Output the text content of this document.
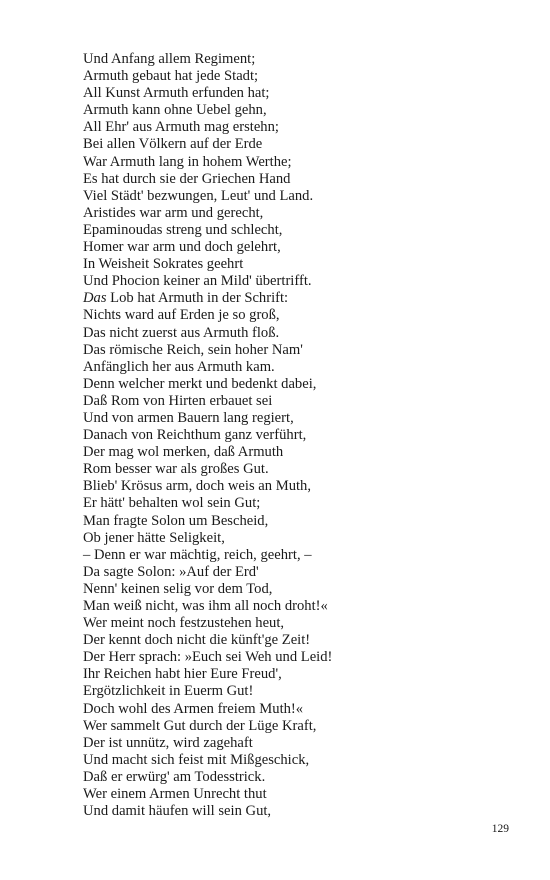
Und Anfang allem Regiment;
Armuth gebaut hat jede Stadt;
All Kunst Armuth erfunden hat;
Armuth kann ohne Uebel gehn,
All Ehr' aus Armuth mag erstehn;
Bei allen Völkern auf der Erde
War Armuth lang in hohem Werthe;
Es hat durch sie der Griechen Hand
Viel Städt' bezwungen, Leut' und Land.
Aristides war arm und gerecht,
Epaminoudas streng und schlecht,
Homer war arm und doch gelehrt,
In Weisheit Sokrates geehrt
Und Phocion keiner an Mild' übertrifft.
Das Lob hat Armuth in der Schrift:
Nichts ward auf Erden je so groß,
Das nicht zuerst aus Armuth floß.
Das römische Reich, sein hoher Nam'
Anfänglich her aus Armuth kam.
Denn welcher merkt und bedenkt dabei,
Daß Rom von Hirten erbauet sei
Und von armen Bauern lang regiert,
Danach von Reichthum ganz verführt,
Der mag wol merken, daß Armuth
Rom besser war als großes Gut.
Blieb' Krösus arm, doch weis an Muth,
Er hätt' behalten wol sein Gut;
Man fragte Solon um Bescheid,
Ob jener hätte Seligkeit,
– Denn er war mächtig, reich, geehrt, –
Da sagte Solon: »Auf der Erd'
Nenn' keinen selig vor dem Tod,
Man weiß nicht, was ihm all noch droht!«
Wer meint noch festzustehen heut,
Der kennt doch nicht die künft'ge Zeit!
Der Herr sprach: »Euch sei Weh und Leid!
Ihr Reichen habt hier Eure Freud',
Ergötzlichkeit in Euerm Gut!
Doch wohl des Armen freiem Muth!«
Wer sammelt Gut durch der Lüge Kraft,
Der ist unnütz, wird zagehaft
Und macht sich feist mit Mißgeschick,
Daß er erwürg' am Todesstrick.
Wer einem Armen Unrecht thut
Und damit häufen will sein Gut,
129
